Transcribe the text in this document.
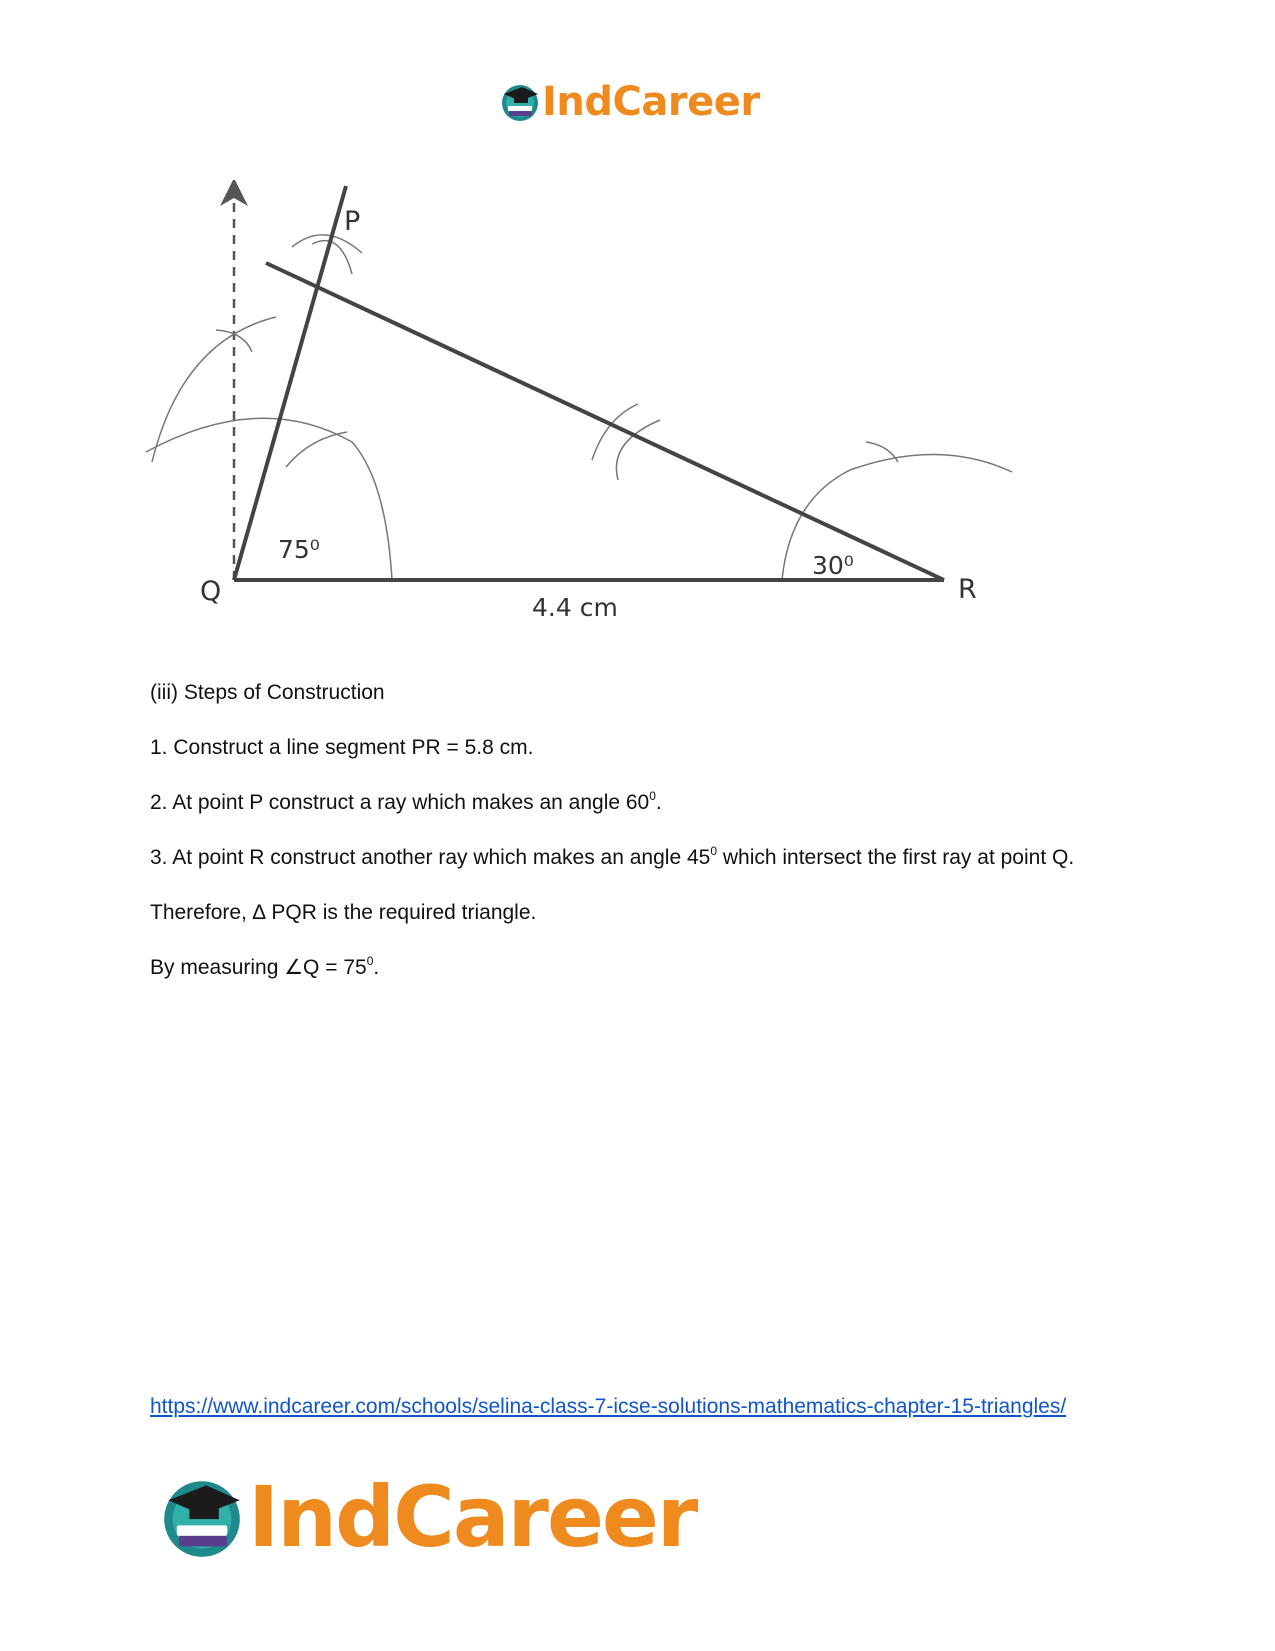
IndCareer
P
Q	R
75⁰
30⁰
4.4 cm

(iii) Steps of Construction

1. Construct a line segment PR = 5.8 cm.

2. At point P construct a ray which makes an angle $60^0$.

3. At point R construct another ray which makes an angle $45^0$ which intersect the first ray at point Q.

Therefore, ∆ PQR is the required triangle.

By measuring ∠Q = $75^0$.

https://www.indcareer.com/schools/selina-class-7-icse-solutions-mathematics-chapter-15-triangles/
IndCareer
